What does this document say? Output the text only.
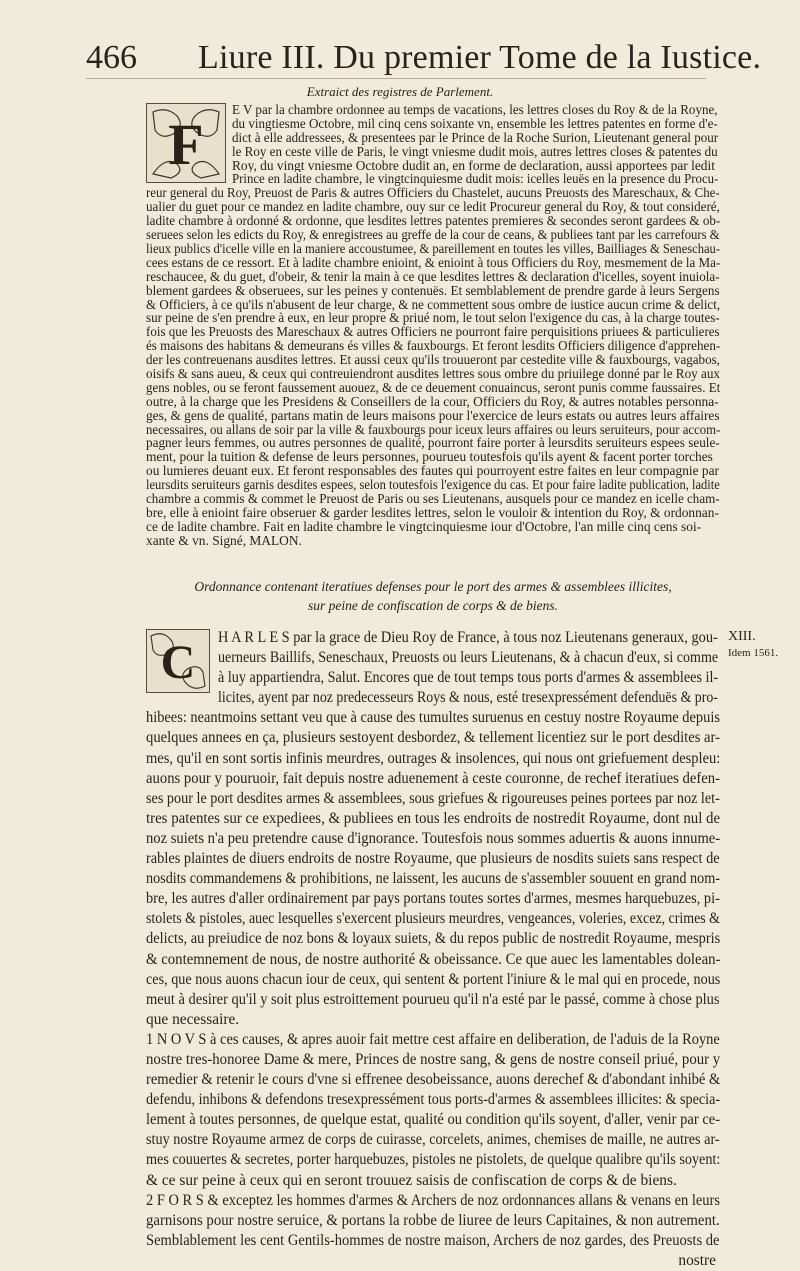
466 Liure III. Du premier Tome de la Iustice.
Extraict des registres de Parlement.
F
E V par la chambre ordonnee au temps de vacations, les lettres closes du Roy & de la Royne,
du vingtiesme Octobre, mil cinq cens soixante vn, ensemble les lettres patentes en forme d'e-
dict à elle addressees, & presentees par le Prince de la Roche Surion, Lieutenant general pour
le Roy en ceste ville de Paris, le vingt vniesme dudit mois, autres lettres closes & patentes du
Roy, du vingt vniesme Octobre dudit an, en forme de declaration, aussi apportees par ledit
Prince en ladite chambre, le vingtcinquiesme dudit mois: icelles leuës en la presence du Procu-
reur general du Roy, Preuost de Paris & autres Officiers du Chastelet, aucuns Preuosts des Mareschaux, & Che-
ualier du guet pour ce mandez en ladite chambre, ouy sur ce ledit Procureur general du Roy, & tout consideré,
ladite chambre à ordonné & ordonne, que lesdites lettres patentes premieres & secondes seront gardees & ob-
seruees selon les edicts du Roy, & enregistrees au greffe de la cour de ceans, & publiees tant par les carrefours &
lieux publics d'icelle ville en la maniere accoustumee, & pareillement en toutes les villes, Bailliages & Seneschau-
cees estans de ce ressort. Et à ladite chambre enioint, & enioint à tous Officiers du Roy, mesmement de la Ma-
reschaucee, & du guet, d'obeir, & tenir la main à ce que lesdites lettres & declaration d'icelles, soyent inuiola-
blement gardees & obseruees, sur les peines y contenuës. Et semblablement de prendre garde à leurs Sergens
& Officiers, à ce qu'ils n'abusent de leur charge, & ne commettent sous ombre de iustice aucun crime & delict,
sur peine de s'en prendre à eux, en leur propre & priué nom, le tout selon l'exigence du cas, à la charge toutes-
fois que les Preuosts des Mareschaux & autres Officiers ne pourront faire perquisitions priuees & particulieres
és maisons des habitans & demeurans és villes & fauxbourgs. Et feront lesdits Officiers diligence d'apprehen-
der les contreuenans ausdites lettres. Et aussi ceux qu'ils trouueront par cestedite ville & fauxbourgs, vagabos,
oisifs & sans aueu, & ceux qui contreuiendront ausdites lettres sous ombre du priuilege donné par le Roy aux
gens nobles, ou se feront faussement auouez, & de ce deuement conuaincus, seront punis comme faussaires. Et
outre, à la charge que les Presidens & Conseillers de la cour, Officiers du Roy, & autres notables personna-
ges, & gens de qualité, partans matin de leurs maisons pour l'exercice de leurs estats ou autres leurs affaires
necessaires, ou allans de soir par la ville & fauxbourgs pour iceux leurs affaires ou leurs seruiteurs, pour accom-
pagner leurs femmes, ou autres personnes de qualité, pourront faire porter à leursdits seruiteurs espees seule-
ment, pour la tuition & defense de leurs personnes, pourueu toutesfois qu'ils ayent & facent porter torches
ou lumieres deuant eux. Et feront responsables des fautes qui pourroyent estre faites en leur compagnie par
leursdits seruiteurs garnis desdites espees, selon toutesfois l'exigence du cas. Et pour faire ladite publication, ladite
chambre a commis & commet le Preuost de Paris ou ses Lieutenans, ausquels pour ce mandez en icelle cham-
bre, elle à enioint faire obseruer & garder lesdites lettres, selon le vouloir & intention du Roy, & ordonnan-
ce de ladite chambre. Fait en ladite chambre le vingtcinquiesme iour d'Octobre, l'an mille cinq cens soi-
xante & vn. Signé, MALON.
Ordonnance contenant iteratiues defenses pour le port des armes & assemblees illicites,
sur peine de confiscation de corps & de biens.
XIII.
Idem 1561.
C H A R L E S par la grace de Dieu Roy de France, à tous noz Lieutenans generaux, gou-
uerneurs Baillifs, Seneschaux, Preuosts ou leurs Lieutenans, & à chacun d'eux, si comme
à luy appartiendra, Salut. Encores que de tout temps tous ports d'armes & assemblees il-
licites, ayent par noz predecesseurs Roys & nous, esté tresexpressément defenduës & pro-
hibees: neantmoins settant veu que à cause des tumultes suruenus en cestuy nostre Royaume depuis
quelques annees en ça, plusieurs sestoyent desbordez, & tellement licentiez sur le port desdites ar-
mes, qu'il en sont sortis infinis meurdres, outrages & insolences, qui nous ont griefuement despleu:
auons pour y pouruoir, fait depuis nostre aduenement à ceste couronne, de rechef iteratiues defen-
ses pour le port desdites armes & assemblees, sous griefues & rigoureuses peines portees par noz let-
tres patentes sur ce expediees, & publiees en tous les endroits de nostredit Royaume, dont nul de
noz suiets n'a peu pretendre cause d'ignorance. Toutesfois nous sommes aduertis & auons innume-
rables plaintes de diuers endroits de nostre Royaume, que plusieurs de nosdits suiets sans respect de
nosdits commandemens & prohibitions, ne laissent, les aucuns de s'assembler souuent en grand nom-
bre, les autres d'aller ordinairement par pays portans toutes sortes d'armes, mesmes harquebuzes, pi-
stolets & pistoles, auec lesquelles s'exercent plusieurs meurdres, vengeances, voleries, excez, crimes &
delicts, au preiudice de noz bons & loyaux suiets, & du repos public de nostredit Royaume, mespris
& contemnement de nous, de nostre authorité & obeissance. Ce que auec les lamentables dolean-
ces, que nous auons chacun iour de ceux, qui sentent & portent l'iniure & le mal qui en procede, nous
meut à desirer qu'il y soit plus estroittement pourueu qu'il n'a esté par le passé, comme à chose plus
que necessaire.
1 N O V S à ces causes, & apres auoir fait mettre cest affaire en deliberation, de l'aduis de la Royne
nostre tres-honoree Dame & mere, Princes de nostre sang, & gens de nostre conseil priué, pour y
remedier & retenir le cours d'vne si effrenee desobeissance, auons derechef & d'abondant inhibé &
defendu, inhibons & defendons tresexpressément tous ports-d'armes & assemblees illicites: & specia-
lement à toutes personnes, de quelque estat, qualité ou condition qu'ils soyent, d'aller, venir par ce-
stuy nostre Royaume armez de corps de cuirasse, corcelets, animes, chemises de maille, ne autres ar-
mes couuertes & secretes, porter harquebuzes, pistoles ne pistolets, de quelque qualibre qu'ils soyent:
& ce sur peine à ceux qui en seront trouuez saisis de confiscation de corps & de biens.
2 F O R S & exceptez les hommes d'armes & Archers de noz ordonnances allans & venans en leurs
garnisons pour nostre seruice, & portans la robbe de liuree de leurs Capitaines, & non autrement.
Semblablement les cent Gentils-hommes de nostre maison, Archers de noz gardes, des Preuosts de
nostre
